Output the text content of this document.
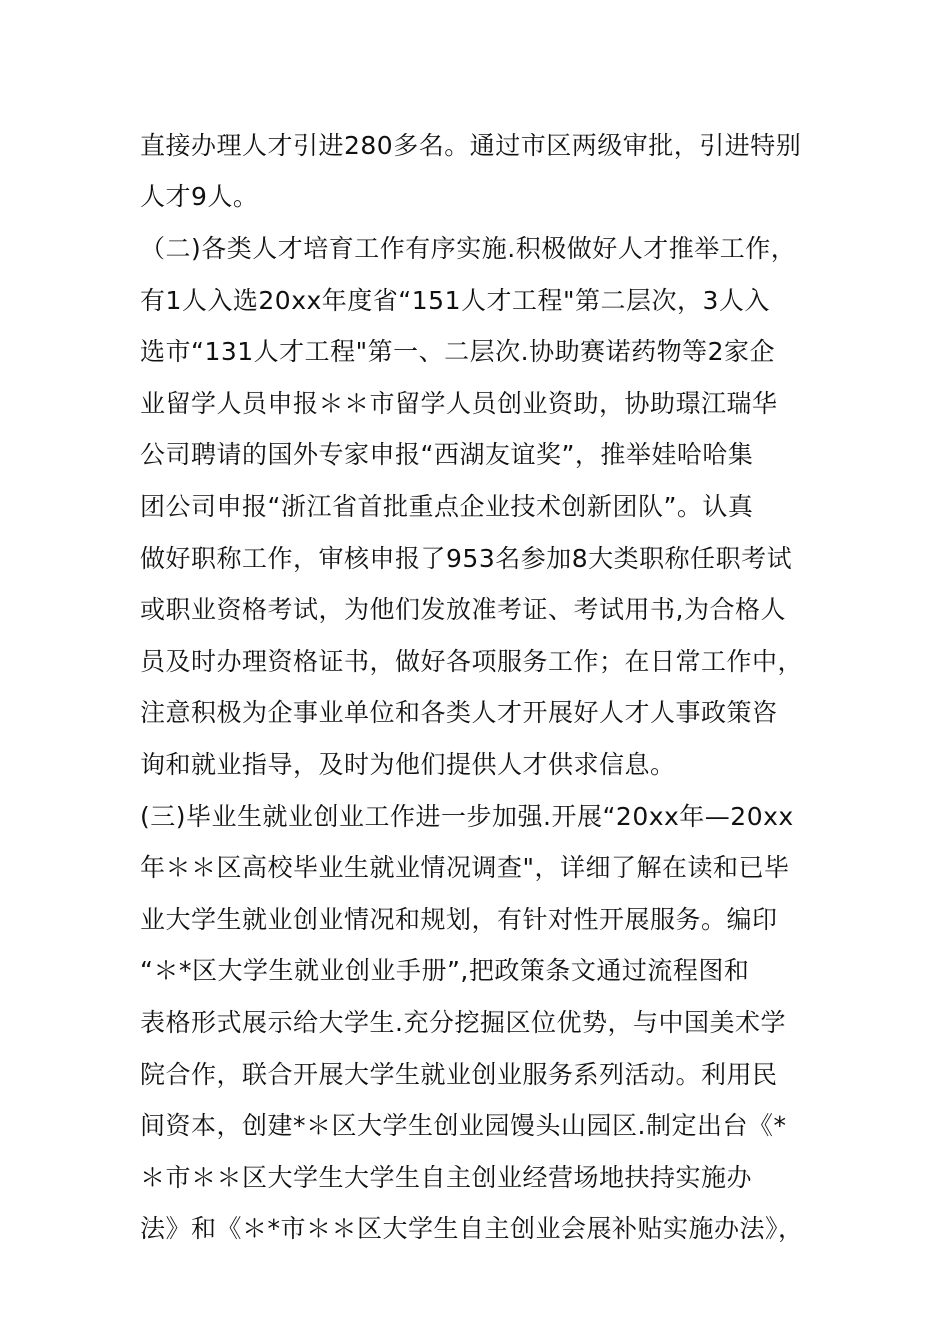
直接办理人才引进280多名。通过市区两级审批，引进特别
人才9人。
（二)各类人才培育工作有序实施.积极做好人才推举工作，
有1人入选20xx年度省“151人才工程"第二层次，3人入
选市“131人才工程"第一、二层次.协助赛诺药物等2家企
业留学人员申报＊＊市留学人员创业资助，协助璟江瑞华
公司聘请的国外专家申报“西湖友谊奖”，推举娃哈哈集
团公司申报“浙江省首批重点企业技术创新团队”。认真
做好职称工作，审核申报了953名参加8大类职称任职考试
或职业资格考试，为他们发放准考证、考试用书,为合格人
员及时办理资格证书，做好各项服务工作；在日常工作中，
注意积极为企事业单位和各类人才开展好人才人事政策咨
询和就业指导，及时为他们提供人才供求信息。
(三)毕业生就业创业工作进一步加强.开展“20xx年—20xx
年＊＊区高校毕业生就业情况调查"，详细了解在读和已毕
业大学生就业创业情况和规划，有针对性开展服务。编印
“＊*区大学生就业创业手册”,把政策条文通过流程图和
表格形式展示给大学生.充分挖掘区位优势，与中国美术学
院合作，联合开展大学生就业创业服务系列活动。利用民
间资本，创建*＊区大学生创业园馒头山园区.制定出台《*
＊市＊＊区大学生大学生自主创业经营场地扶持实施办
法》和《＊*市＊＊区大学生自主创业会展补贴实施办法》，
